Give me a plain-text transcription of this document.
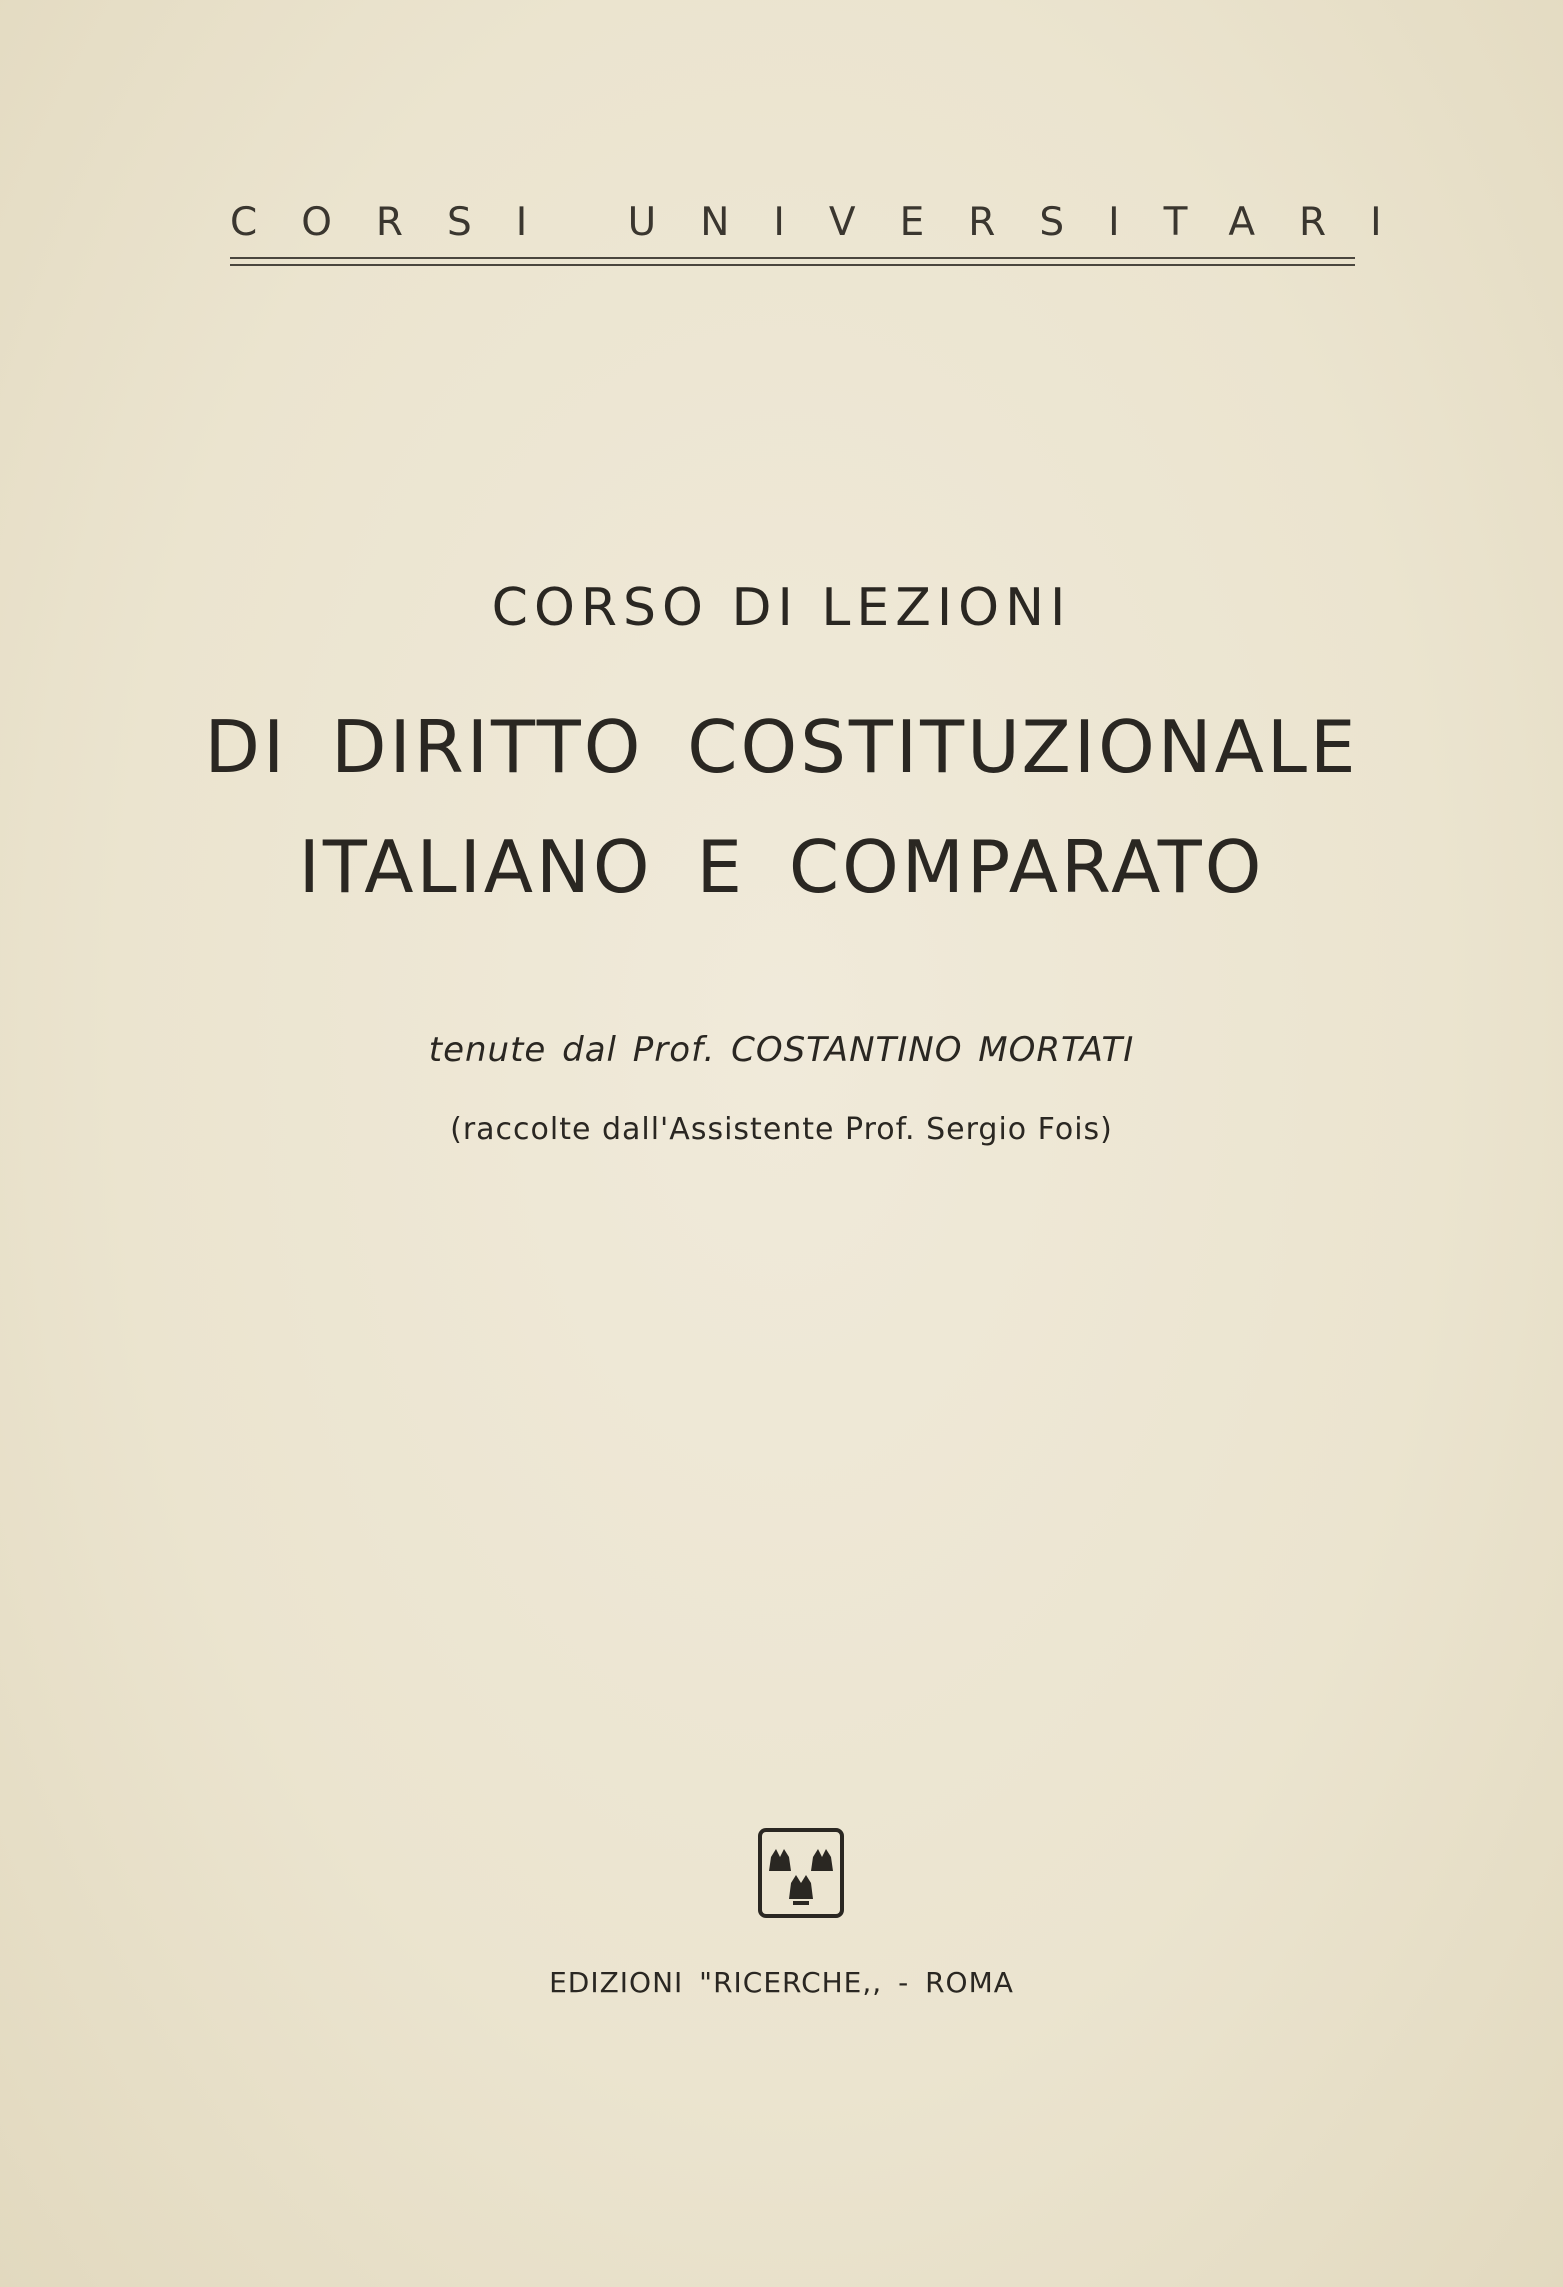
CORSI UNIVERSITARI
CORSO DI LEZIONI
DI DIRITTO COSTITUZIONALE
ITALIANO E COMPARATO
tenute dal Prof. COSTANTINO MORTATI
(raccolte dall'Assistente Prof. Sergio Fois)
EDIZIONI "RICERCHE,, - ROMA
